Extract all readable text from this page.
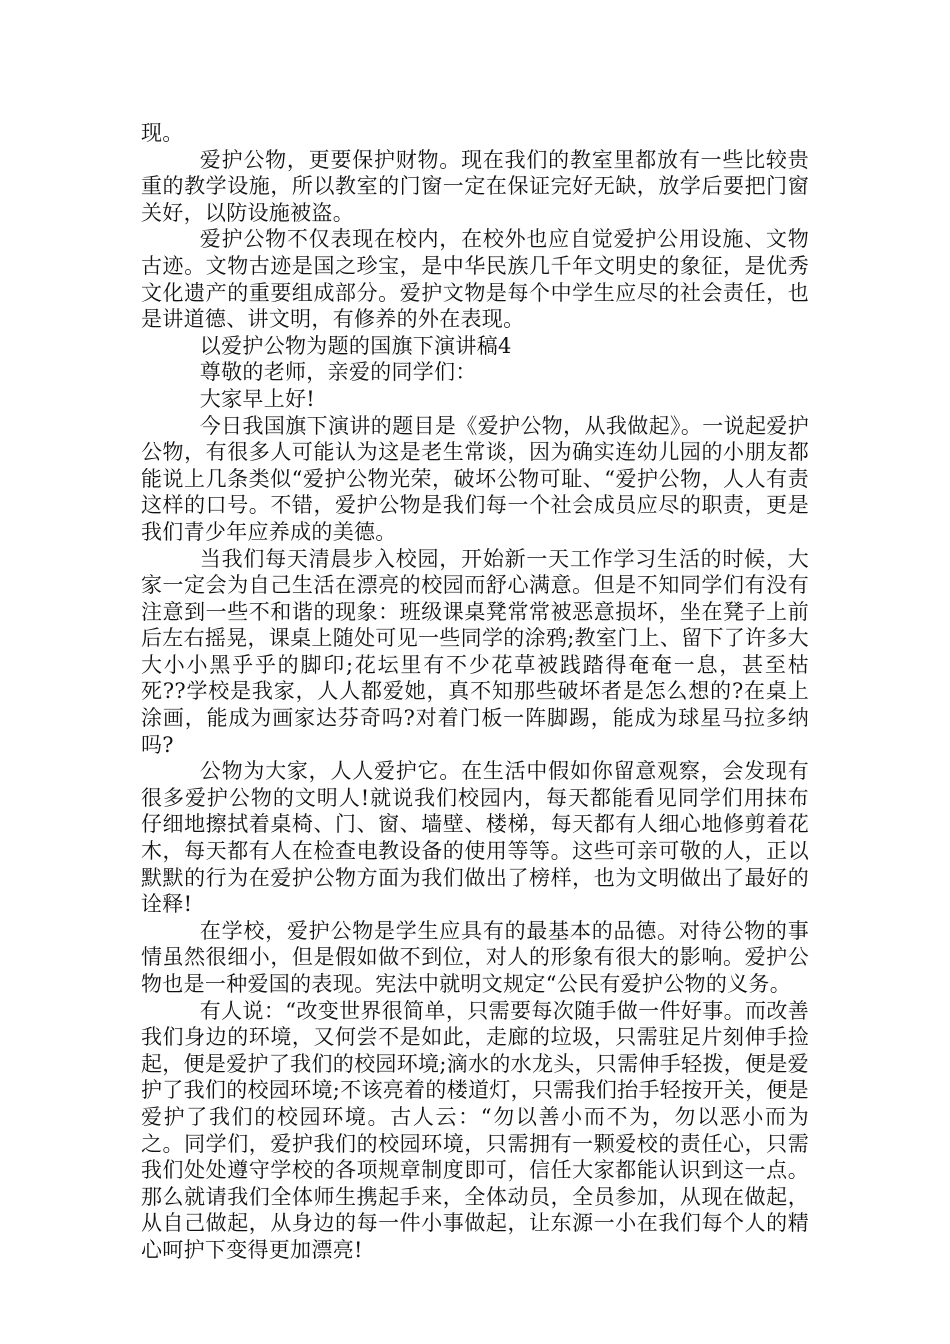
现。

爱护公物，更要保护财物。现在我们的教室里都放有一些比较贵重的教学设施，所以教室的门窗一定在保证完好无缺，放学后要把门窗关好，以防设施被盗。

爱护公物不仅表现在校内，在校外也应自觉爱护公用设施、文物古迹。文物古迹是国之珍宝，是中华民族几千年文明史的象征，是优秀文化遗产的重要组成部分。爱护文物是每个中学生应尽的社会责任，也是讲道德、讲文明，有修养的外在表现。

以爱护公物为题的国旗下演讲稿4

尊敬的老师，亲爱的同学们：

大家早上好!

今日我国旗下演讲的题目是《爱护公物，从我做起》。一说起爱护公物，有很多人可能认为这是老生常谈，因为确实连幼儿园的小朋友都能说上几条类似“爱护公物光荣，破坏公物可耻、“爱护公物，人人有责这样的口号。不错，爱护公物是我们每一个社会成员应尽的职责，更是我们青少年应养成的美德。

当我们每天清晨步入校园，开始新一天工作学习生活的时候，大家一定会为自己生活在漂亮的校园而舒心满意。但是不知同学们有没有注意到一些不和谐的现象：班级课桌凳常常被恶意损坏，坐在凳子上前后左右摇晃，课桌上随处可见一些同学的涂鸦;教室门上、留下了许多大大小小黑乎乎的脚印;花坛里有不少花草被践踏得奄奄一息，甚至枯死??学校是我家，人人都爱她，真不知那些破坏者是怎么想的?在桌上涂画，能成为画家达芬奇吗?对着门板一阵脚踢，能成为球星马拉多纳吗?

公物为大家，人人爱护它。在生活中假如你留意观察，会发现有很多爱护公物的文明人!就说我们校园内，每天都能看见同学们用抹布仔细地擦拭着桌椅、门、窗、墙壁、楼梯，每天都有人细心地修剪着花木，每天都有人在检查电教设备的使用等等。这些可亲可敬的人，正以默默的行为在爱护公物方面为我们做出了榜样，也为文明做出了最好的诠释!

在学校，爱护公物是学生应具有的最基本的品德。对待公物的事情虽然很细小，但是假如做不到位，对人的形象有很大的影响。爱护公物也是一种爱国的表现。宪法中就明文规定“公民有爱护公物的义务。

有人说：“改变世界很简单，只需要每次随手做一件好事。而改善我们身边的环境，又何尝不是如此，走廊的垃圾，只需驻足片刻伸手捡起，便是爱护了我们的校园环境;滴水的水龙头，只需伸手轻拨，便是爱护了我们的校园环境;不该亮着的楼道灯，只需我们抬手轻按开关，便是爱护了我们的校园环境。古人云：“勿以善小而不为，勿以恶小而为之。同学们，爱护我们的校园环境，只需拥有一颗爱校的责任心，只需我们处处遵守学校的各项规章制度即可，信任大家都能认识到这一点。那么就请我们全体师生携起手来，全体动员，全员参加，从现在做起，从自己做起，从身边的每一件小事做起，让东源一小在我们每个人的精心呵护下变得更加漂亮!
